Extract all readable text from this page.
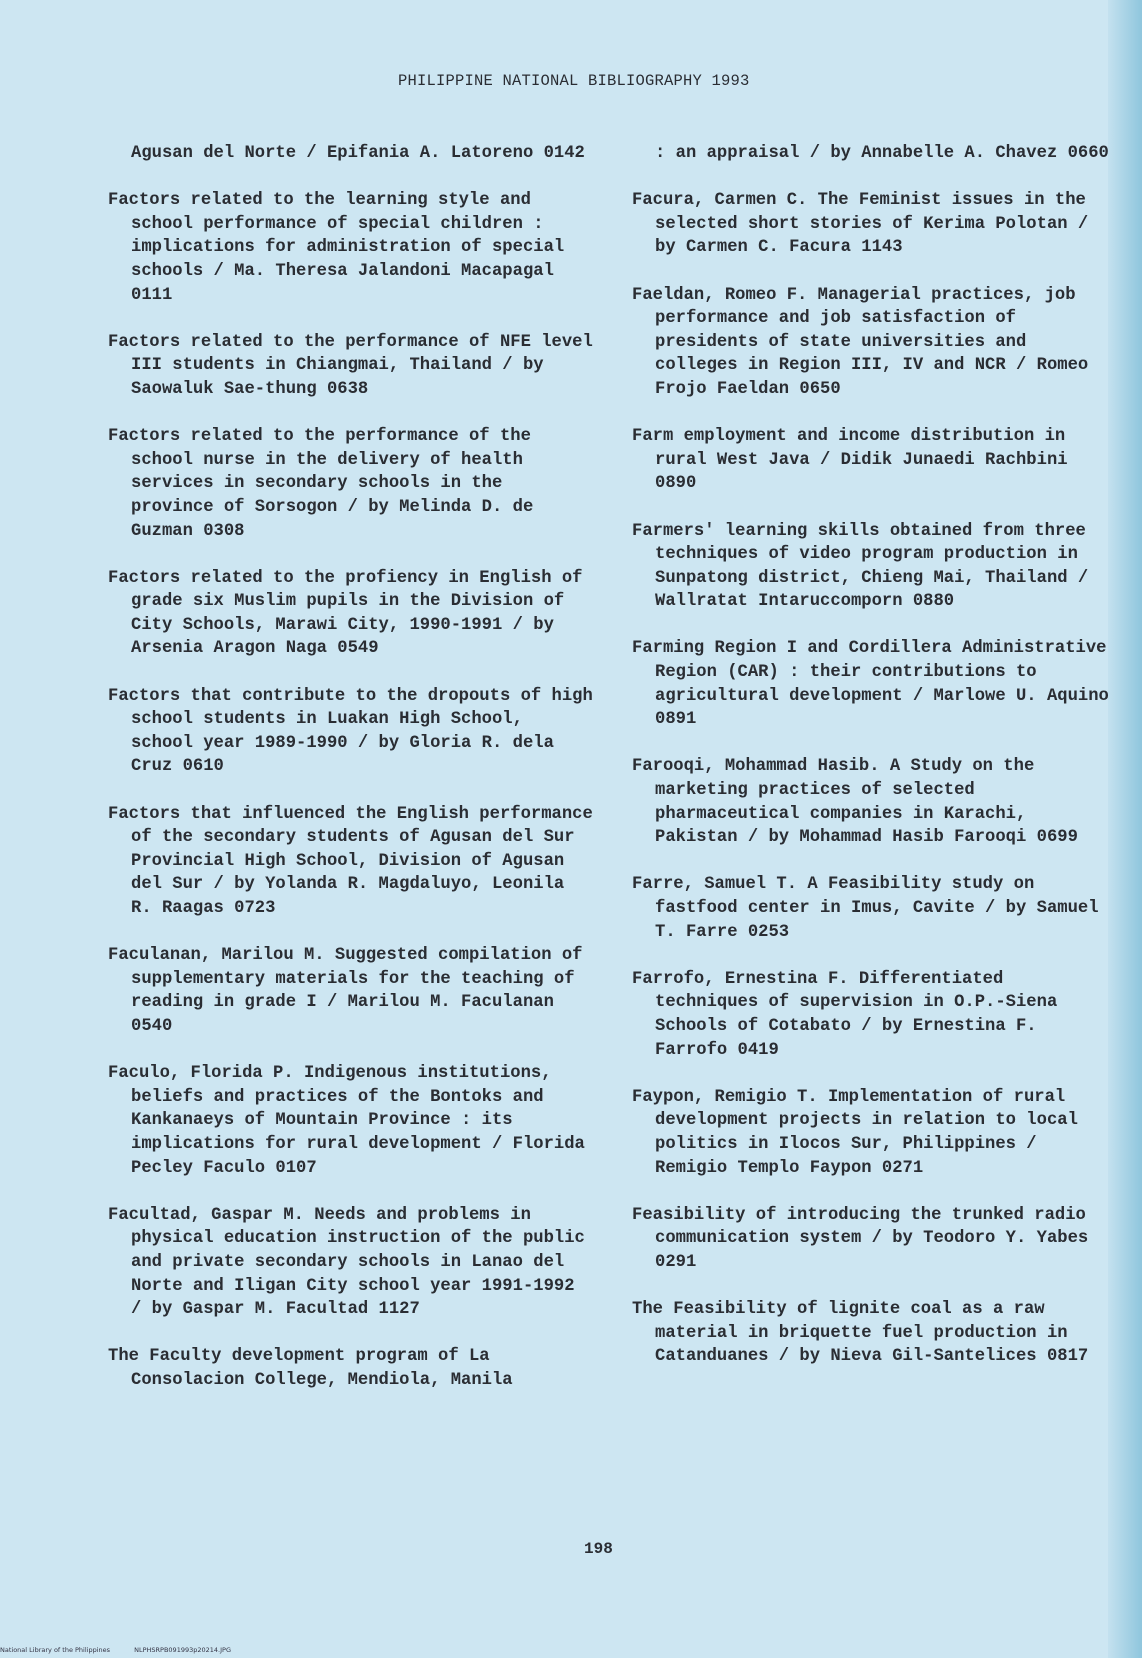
PHILIPPINE NATIONAL BIBLIOGRAPHY 1993

Agusan del Norte / Epifania A. Latoreno 0142

Factors related to the learning style and school performance of special children : implications for administration of special schools / Ma. Theresa Jalandoni Macapagal 0111

Factors related to the performance of NFE level III students in Chiangmai, Thailand / by Saowaluk Sae-thung 0638

Factors related to the performance of the school nurse in the delivery of health services in secondary schools in the province of Sorsogon / by Melinda D. de Guzman 0308

Factors related to the profiency in English of grade six Muslim pupils in the Division of City Schools, Marawi City, 1990-1991 / by Arsenia Aragon Naga 0549

Factors that contribute to the dropouts of high school students in Luakan High School, school year 1989-1990 / by Gloria R. dela Cruz 0610

Factors that influenced the English performance of the secondary students of Agusan del Sur Provincial High School, Division of Agusan del Sur / by Yolanda R. Magdaluyo, Leonila R. Raagas 0723

Faculanan, Marilou M. Suggested compilation of supplementary materials for the teaching of reading in grade I / Marilou M. Faculanan 0540

Faculo, Florida P. Indigenous institutions, beliefs and practices of the Bontoks and Kankanaeys of Mountain Province : its implications for rural development / Florida Pecley Faculo 0107

Facultad, Gaspar M. Needs and problems in physical education instruction of the public and private secondary schools in Lanao del Norte and Iligan City school year 1991-1992 / by Gaspar M. Facultad 1127

The Faculty development program of La Consolacion College, Mendiola, Manila

: an appraisal / by Annabelle A. Chavez 0660

Facura, Carmen C. The Feminist issues in the selected short stories of Kerima Polotan / by Carmen C. Facura 1143

Faeldan, Romeo F. Managerial practices, job performance and job satisfaction of presidents of state universities and colleges in Region III, IV and NCR / Romeo Frojo Faeldan 0650

Farm employment and income distribution in rural West Java / Didik Junaedi Rachbini 0890

Farmers' learning skills obtained from three techniques of video program production in Sunpatong district, Chieng Mai, Thailand / Wallratat Intaruccomporn 0880

Farming Region I and Cordillera Administrative Region (CAR) : their contributions to agricultural development / Marlowe U. Aquino 0891

Farooqi, Mohammad Hasib. A Study on the marketing practices of selected pharmaceutical companies in Karachi, Pakistan / by Mohammad Hasib Farooqi 0699

Farre, Samuel T. A Feasibility study on fastfood center in Imus, Cavite / by Samuel T. Farre 0253

Farrofo, Ernestina F. Differentiated techniques of supervision in O.P.-Siena Schools of Cotabato / by Ernestina F. Farrofo 0419

Faypon, Remigio T. Implementation of rural development projects in relation to local politics in Ilocos Sur, Philippines / Remigio Templo Faypon 0271

Feasibility of introducing the trunked radio communication system / by Teodoro Y. Yabes 0291

The Feasibility of lignite coal as a raw material in briquette fuel production in Catanduanes / by Nieva Gil-Santelices 0817

198
National Library of the Philippines	NLPHSRPB091993p20214.JPG
